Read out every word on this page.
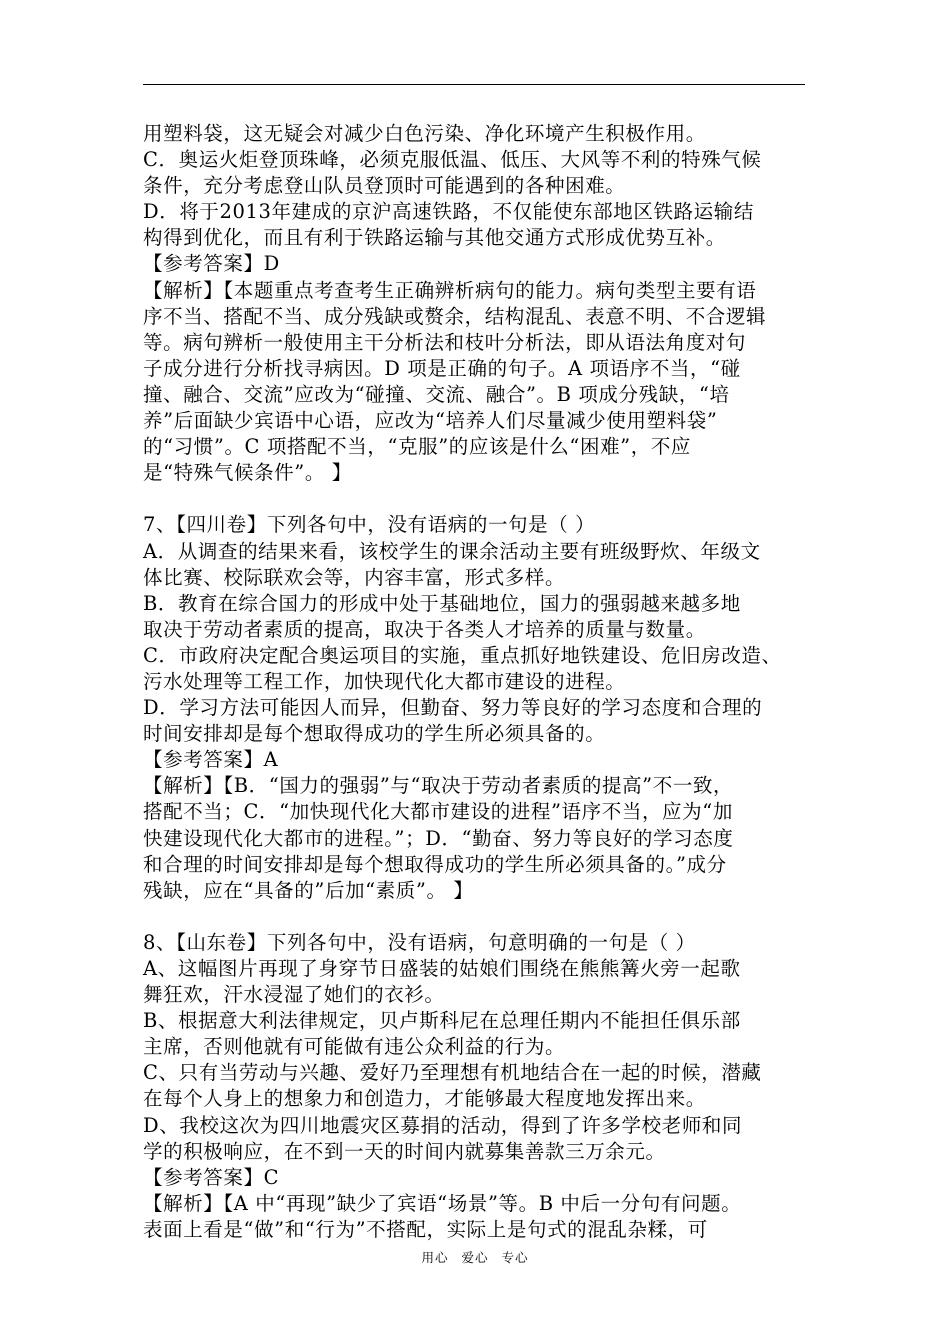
用塑料袋，这无疑会对减少白色污染、净化环境产生积极作用。
C．奥运火炬登顶珠峰，必须克服低温、低压、大风等不利的特殊气候
条件，充分考虑登山队员登顶时可能遇到的各种困难。
D．将于2013年建成的京沪高速铁路，不仅能使东部地区铁路运输结
构得到优化，而且有利于铁路运输与其他交通方式形成优势互补。
【参考答案】D
【解析】【本题重点考查考生正确辨析病句的能力。病句类型主要有语
序不当、搭配不当、成分残缺或赘余，结构混乱、表意不明、不合逻辑
等。病句辨析一般使用主干分析法和枝叶分析法，即从语法角度对句
子成分进行分析找寻病因。D 项是正确的句子。A 项语序不当，“碰
撞、融合、交流”应改为“碰撞、交流、融合”。B 项成分残缺，“培
养”后面缺少宾语中心语，应改为“培养人们尽量减少使用塑料袋”
的“习惯”。C 项搭配不当，“克服”的应该是什么“困难”，不应
是“特殊气候条件”。 】
7、【四川卷】下列各句中，没有语病的一句是（ ）
A．从调查的结果来看，该校学生的课余活动主要有班级野炊、年级文
体比赛、校际联欢会等，内容丰富，形式多样。
B．教育在综合国力的形成中处于基础地位，国力的强弱越来越多地
取决于劳动者素质的提高，取决于各类人才培养的质量与数量。
C．市政府决定配合奥运项目的实施，重点抓好地铁建设、危旧房改造、
污水处理等工程工作，加快现代化大都市建设的进程。
D．学习方法可能因人而异，但勤奋、努力等良好的学习态度和合理的
时间安排却是每个想取得成功的学生所必须具备的。
【参考答案】A
【解析】【B．“国力的强弱”与“取决于劳动者素质的提高”不一致，
搭配不当；C．“加快现代化大都市建设的进程”语序不当，应为“加
快建设现代化大都市的进程。”；D．“勤奋、努力等良好的学习态度
和合理的时间安排却是每个想取得成功的学生所必须具备的。”成分
残缺，应在“具备的”后加“素质”。 】
8、【山东卷】下列各句中，没有语病，句意明确的一句是（ ）
A、这幅图片再现了身穿节日盛装的姑娘们围绕在熊熊篝火旁一起歌
舞狂欢，汗水浸湿了她们的衣衫。
B、根据意大利法律规定，贝卢斯科尼在总理任期内不能担任俱乐部
主席，否则他就有可能做有违公众利益的行为。
C、只有当劳动与兴趣、爱好乃至理想有机地结合在一起的时候，潜藏
在每个人身上的想象力和创造力，才能够最大程度地发挥出来。
D、我校这次为四川地震灾区募捐的活动，得到了许多学校老师和同
学的积极响应，在不到一天的时间内就募集善款三万余元。
【参考答案】C
【解析】【A 中“再现”缺少了宾语“场景”等。B 中后一分句有问题。
表面上看是“做”和“行为”不搭配，实际上是句式的混乱杂糅，可
用心 爱心 专心
